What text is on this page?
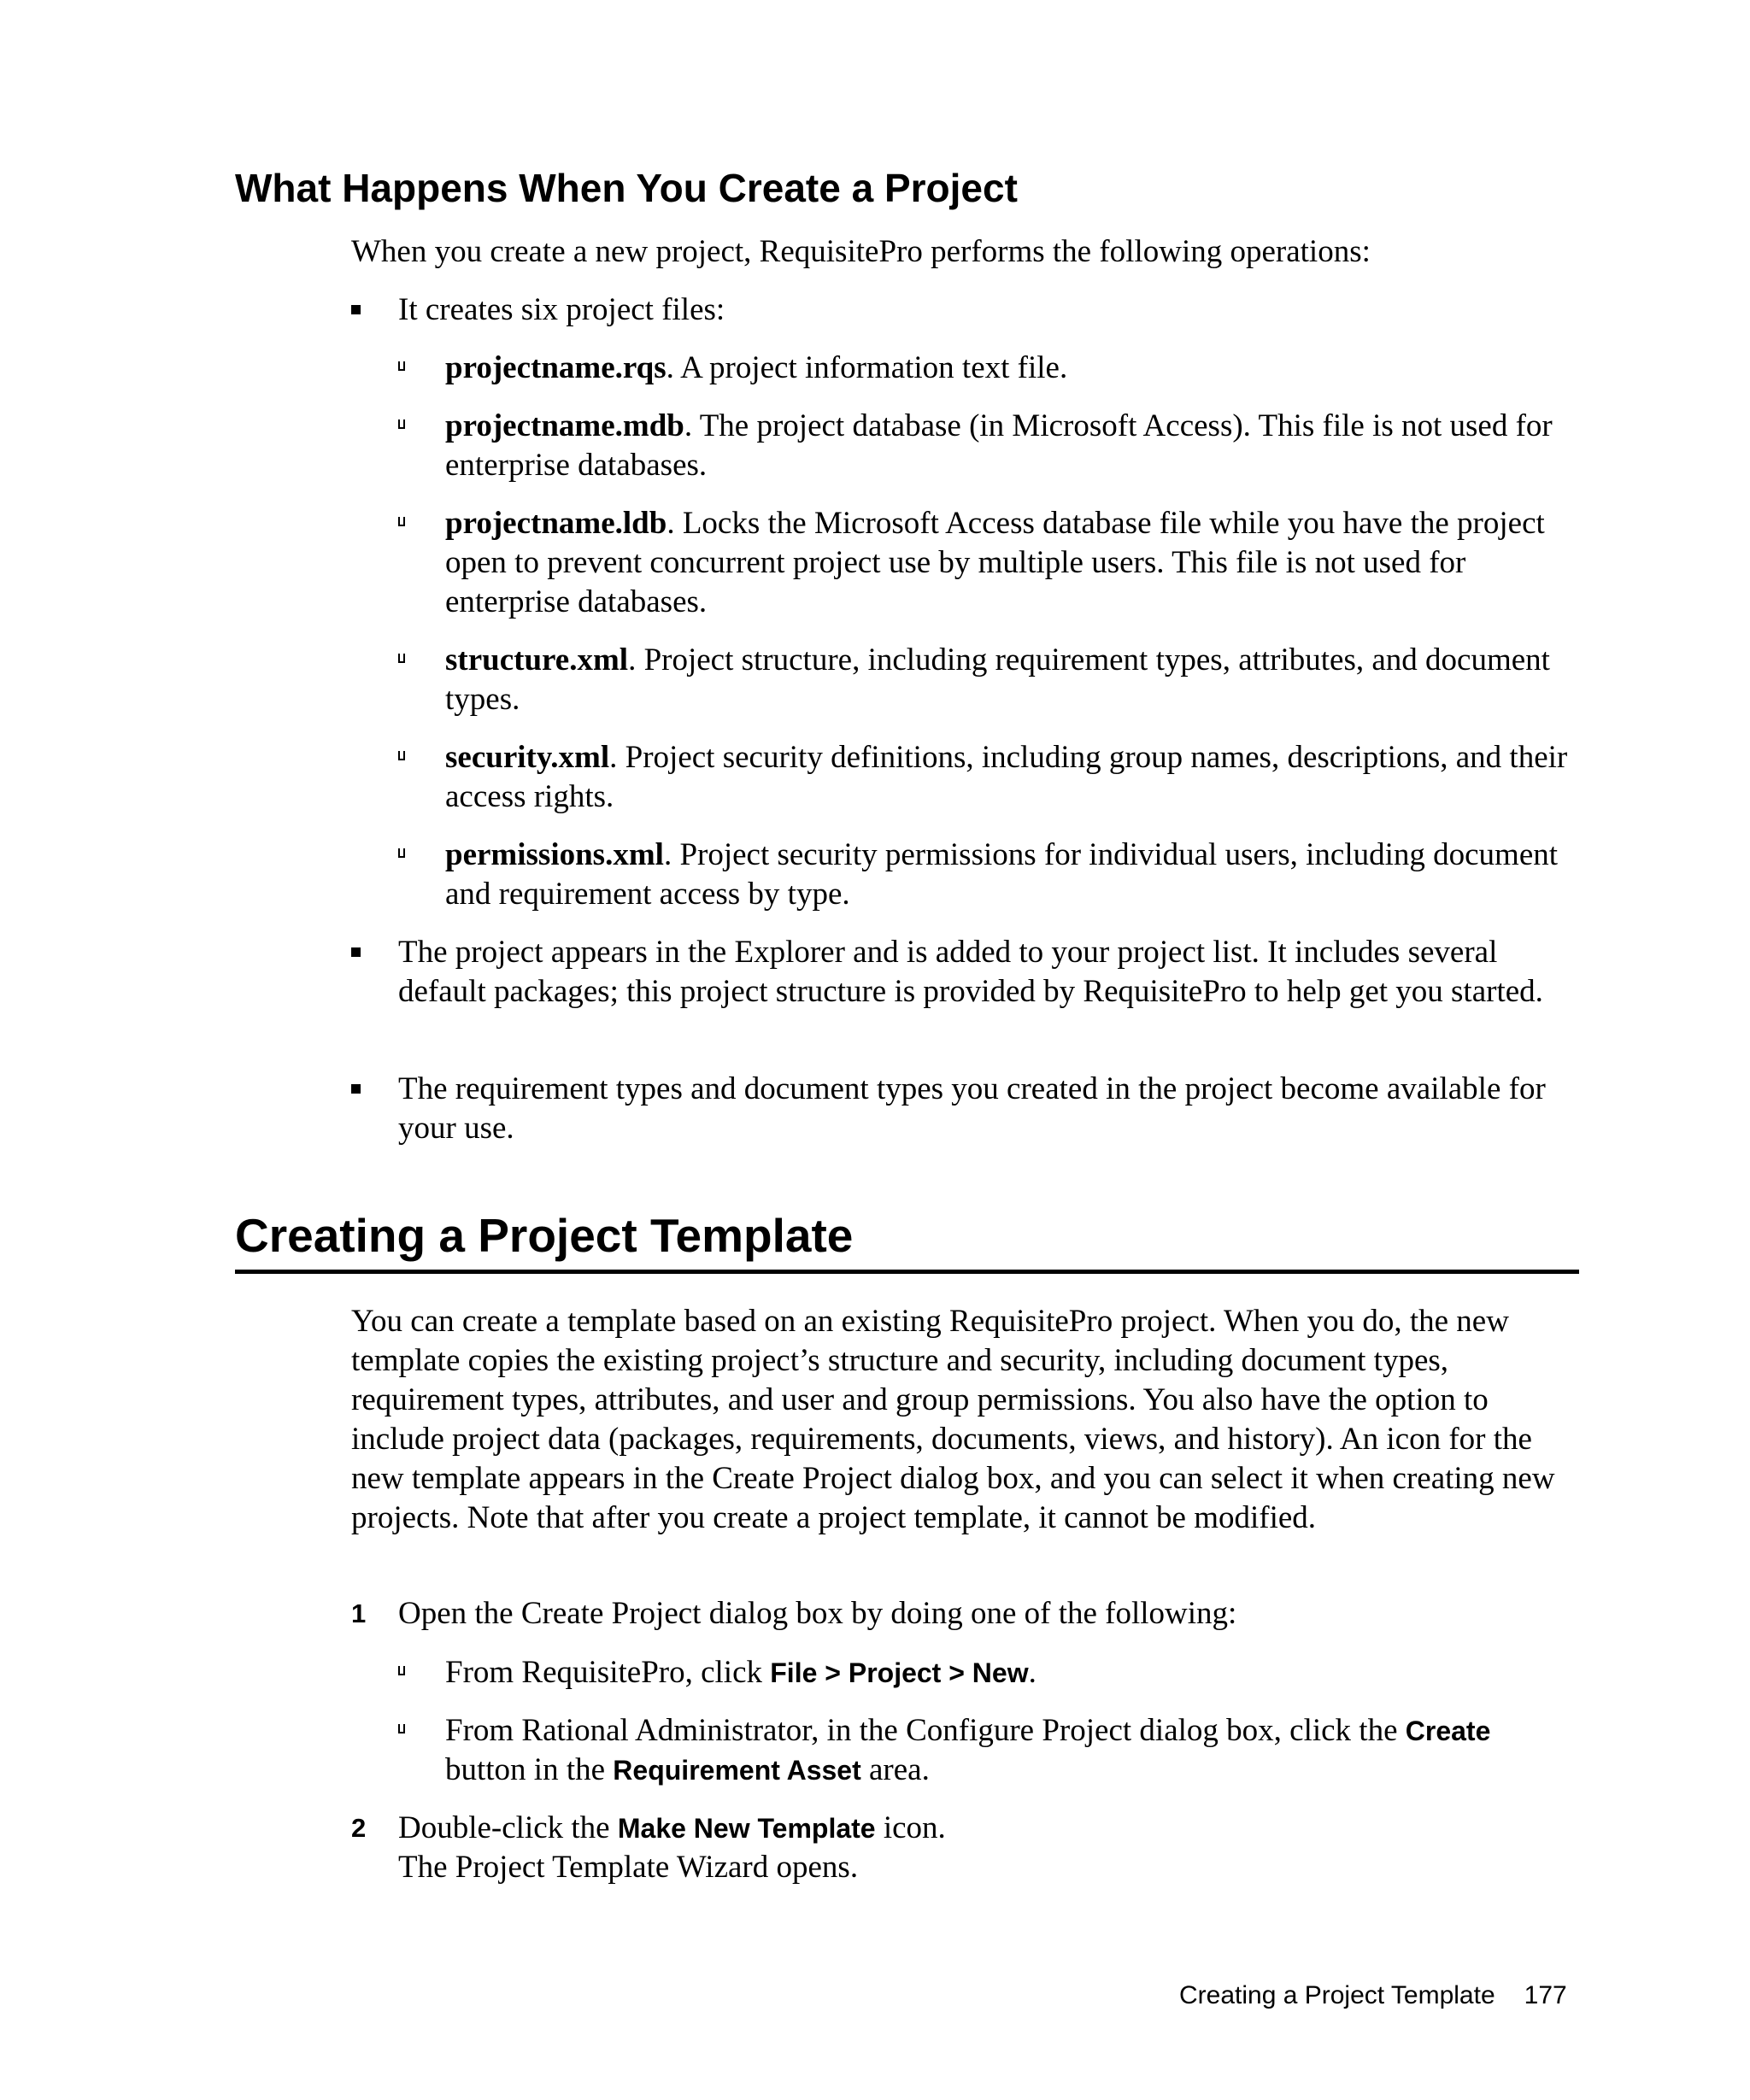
What Happens When You Create a Project

When you create a new project, RequisitePro performs the following operations:

It creates six project files:
projectname.rqs. A project information text file.
projectname.mdb. The project database (in Microsoft Access). This file is not used for enterprise databases.
projectname.ldb. Locks the Microsoft Access database file while you have the project open to prevent concurrent project use by multiple users. This file is not used for enterprise databases.
structure.xml. Project structure, including requirement types, attributes, and document types.
security.xml. Project security definitions, including group names, descriptions, and their access rights.
permissions.xml. Project security permissions for individual users, including document and requirement access by type.
The project appears in the Explorer and is added to your project list. It includes several default packages; this project structure is provided by RequisitePro to help get you started.
The requirement types and document types you created in the project become available for your use.
Creating a Project Template

You can create a template based on an existing RequisitePro project. When you do, the new template copies the existing project’s structure and security, including document types, requirement types, attributes, and user and group permissions. You also have the option to include project data (packages, requirements, documents, views, and history). An icon for the new template appears in the Create Project dialog box, and you can select it when creating new projects. Note that after you create a project template, it cannot be modified.

1 Open the Create Project dialog box by doing one of the following:
From RequisitePro, click File > Project > New.
From Rational Administrator, in the Configure Project dialog box, click the Create button in the Requirement Asset area.
2 Double-click the Make New Template icon.
The Project Template Wizard opens.
Creating a Project Template 177
